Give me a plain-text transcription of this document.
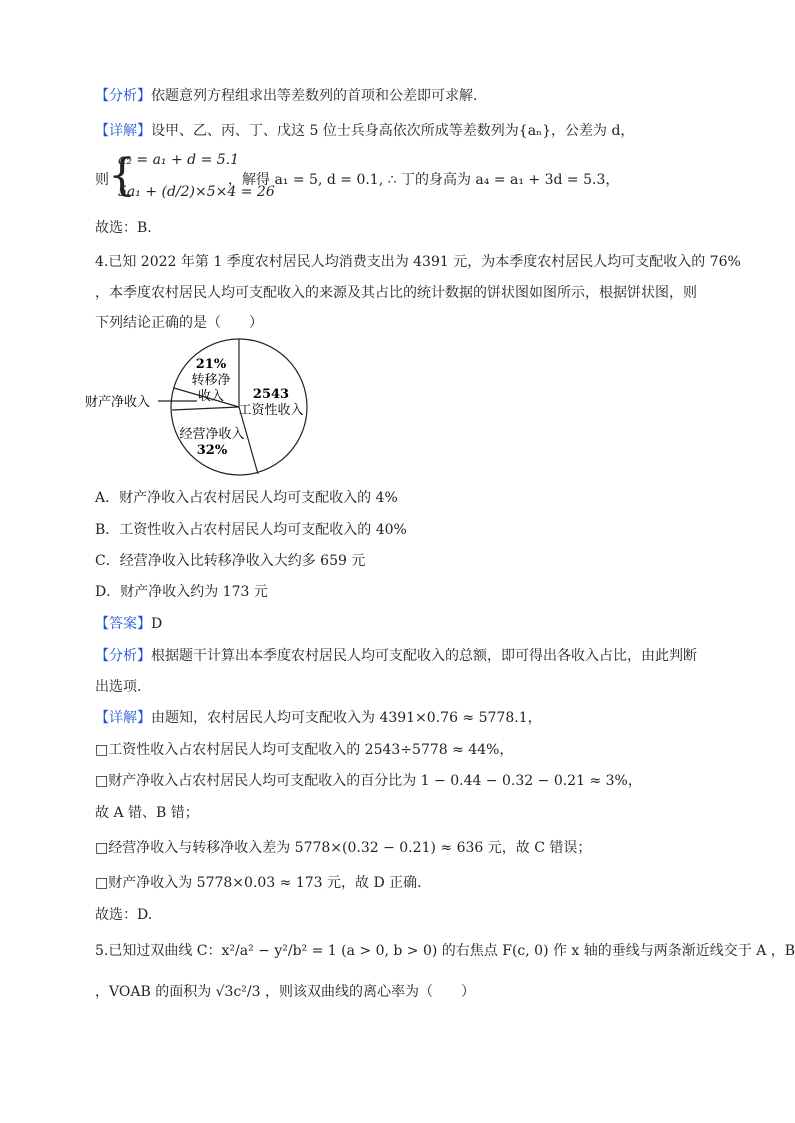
【分析】依题意列方程组求出等差数列的首项和公差即可求解.
【详解】设甲、乙、丙、丁、戊这 5 位士兵身高依次所成等差数列为{aₙ}，公差为 d，
则 {
a₂ = a₁ + d = 5.1
5a₁ + (d/2)×5×4 = 26
，解得 a₁ = 5, d = 0.1, ∴ 丁的身高为 a₄ = a₁ + 3d = 5.3，
故选：B.
4.已知 2022 年第 1 季度农村居民人均消费支出为 4391 元，为本季度农村居民人均可支配收入的 76%
，本季度农村居民人均可支配收入的来源及其占比的统计数据的饼状图如图所示，根据饼状图，则
下列结论正确的是（　　）
21%
转移净
收入 2543
工资性收入
经营净收入
32%
财产净收入
A．财产净收入占农村居民人均可支配收入的 4%
B．工资性收入占农村居民人均可支配收入的 40%
C．经营净收入比转移净收入大约多 659 元
D．财产净收入约为 173 元
【答案】D
【分析】根据题干计算出本季度农村居民人均可支配收入的总额，即可得出各收入占比，由此判断
出选项.
【详解】由题知，农村居民人均可支配收入为 4391×0.76 ≈ 5778.1，
□工资性收入占农村居民人均可支配收入的 2543÷5778 ≈ 44%，
□财产净收入占农村居民人均可支配收入的百分比为 1 − 0.44 − 0.32 − 0.21 ≈ 3%，
故 A 错、B 错；
□经营净收入与转移净收入差为 5778×(0.32 − 0.21) ≈ 636 元，故 C 错误；
□财产净收入为 5778×0.03 ≈ 173 元，故 D 正确.
故选：D.
5.已知过双曲线 C：x²/a² − y²/b² = 1 (a > 0, b > 0) 的右焦点 F(c, 0) 作 x 轴的垂线与两条渐近线交于 A ，B
，VOAB 的面积为 √3c²/3 ，则该双曲线的离心率为（　　）
